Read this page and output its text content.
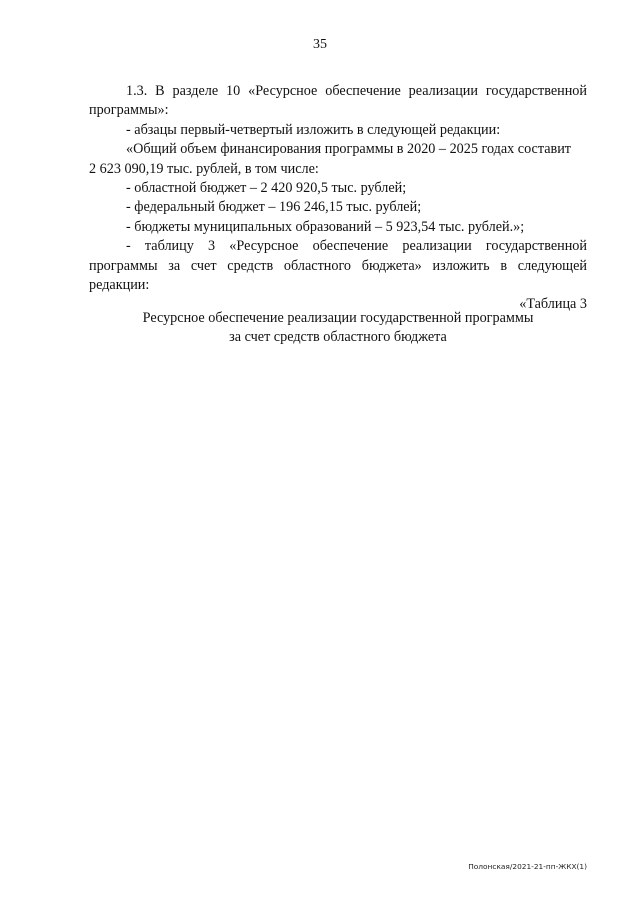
35

1.3. В разделе 10 «Ресурсное обеспечение реализации государственной программы»:

- абзацы первый-четвертый изложить в следующей редакции:

«Общий объем финансирования программы в 2020 – 2025 годах составит

2 623 090,19 тыс. рублей, в том числе:

- областной бюджет – 2 420 920,5 тыс. рублей;

- федеральный бюджет – 196 246,15 тыс. рублей;

- бюджеты муниципальных образований – 5 923,54 тыс. рублей.»;

- таблицу 3 «Ресурсное обеспечение реализации государственной программы за счет средств областного бюджета» изложить в следующей редакции:

«Таблица 3

Ресурсное обеспечение реализации государственной программы
за счет средств областного бюджета
Полонская/2021-21-пп-ЖКХ(1)
